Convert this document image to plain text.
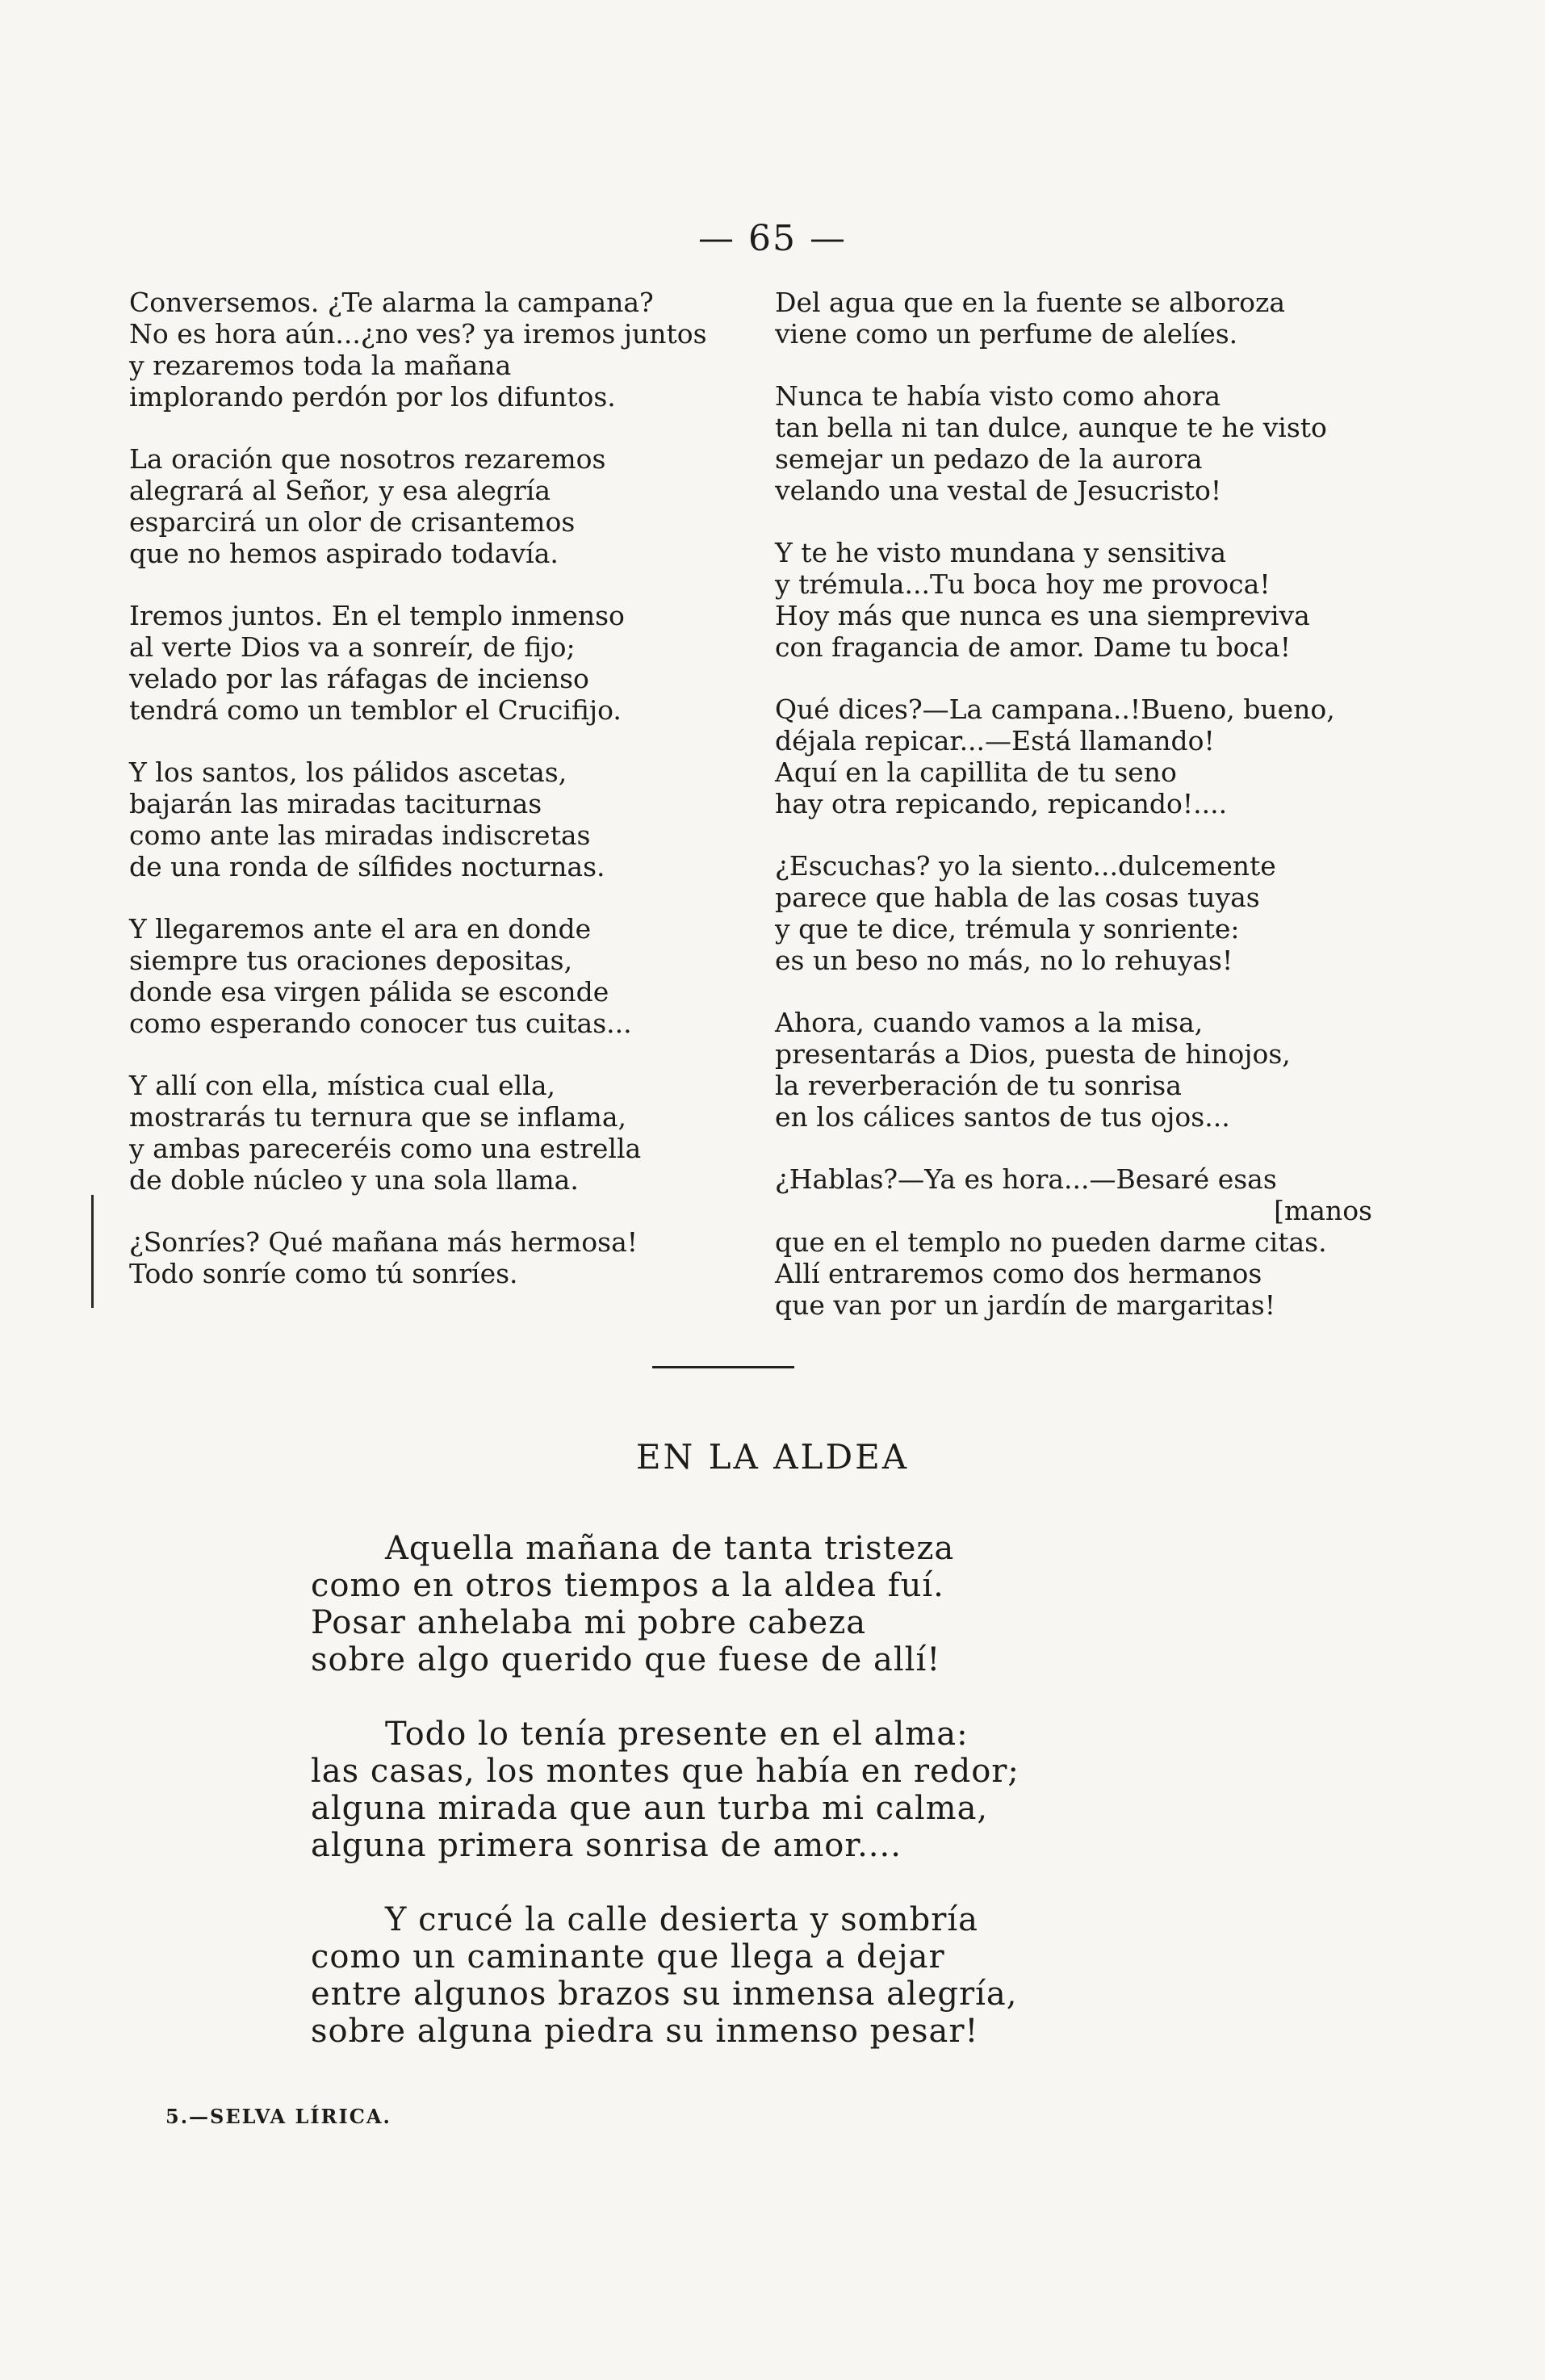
— 65 —
Conversemos. ¿Te alarma la campana?
No es hora aún...¿no ves? ya iremos juntos
y rezaremos toda la mañana
implorando perdón por los difuntos.
La oración que nosotros rezaremos
alegrará al Señor, y esa alegría
esparcirá un olor de crisantemos
que no hemos aspirado todavía.
Iremos juntos. En el templo inmenso
al verte Dios va a sonreír, de fijo;
velado por las ráfagas de incienso
tendrá como un temblor el Crucifijo.
Y los santos, los pálidos ascetas,
bajarán las miradas taciturnas
como ante las miradas indiscretas
de una ronda de sílfides nocturnas.
Y llegaremos ante el ara en donde
siempre tus oraciones depositas,
donde esa virgen pálida se esconde
como esperando conocer tus cuitas...
Y allí con ella, mística cual ella,
mostrarás tu ternura que se inflama,
y ambas pareceréis como una estrella
de doble núcleo y una sola llama.
¿Sonríes? Qué mañana más hermosa!
Todo sonríe como tú sonríes.
Del agua que en la fuente se alboroza
viene como un perfume de alelíes.
Nunca te había visto como ahora
tan bella ni tan dulce, aunque te he visto
semejar un pedazo de la aurora
velando una vestal de Jesucristo!
Y te he visto mundana y sensitiva
y trémula...Tu boca hoy me provoca!
Hoy más que nunca es una siempreviva
con fragancia de amor. Dame tu boca!
Qué dices?—La campana..!Bueno, bueno,
déjala repicar...—Está llamando!
Aquí en la capillita de tu seno
hay otra repicando, repicando!....
¿Escuchas? yo la siento...dulcemente
parece que habla de las cosas tuyas
y que te dice, trémula y sonriente:
es un beso no más, no lo rehuyas!
Ahora, cuando vamos a la misa,
presentarás a Dios, puesta de hinojos,
la reverberación de tu sonrisa
en los cálices santos de tus ojos...
¿Hablas?—Ya es hora...—Besaré esas
[manos
que en el templo no pueden darme citas.
Allí entraremos como dos hermanos
que van por un jardín de margaritas!
EN LA ALDEA
Aquella mañana de tanta tristeza
como en otros tiempos a la aldea fuí.
Posar anhelaba mi pobre cabeza
sobre algo querido que fuese de allí!
Todo lo tenía presente en el alma:
las casas, los montes que había en redor;
alguna mirada que aun turba mi calma,
alguna primera sonrisa de amor....
Y crucé la calle desierta y sombría
como un caminante que llega a dejar
entre algunos brazos su inmensa alegría,
sobre alguna piedra su inmenso pesar!
5.—SELVA LÍRICA.
